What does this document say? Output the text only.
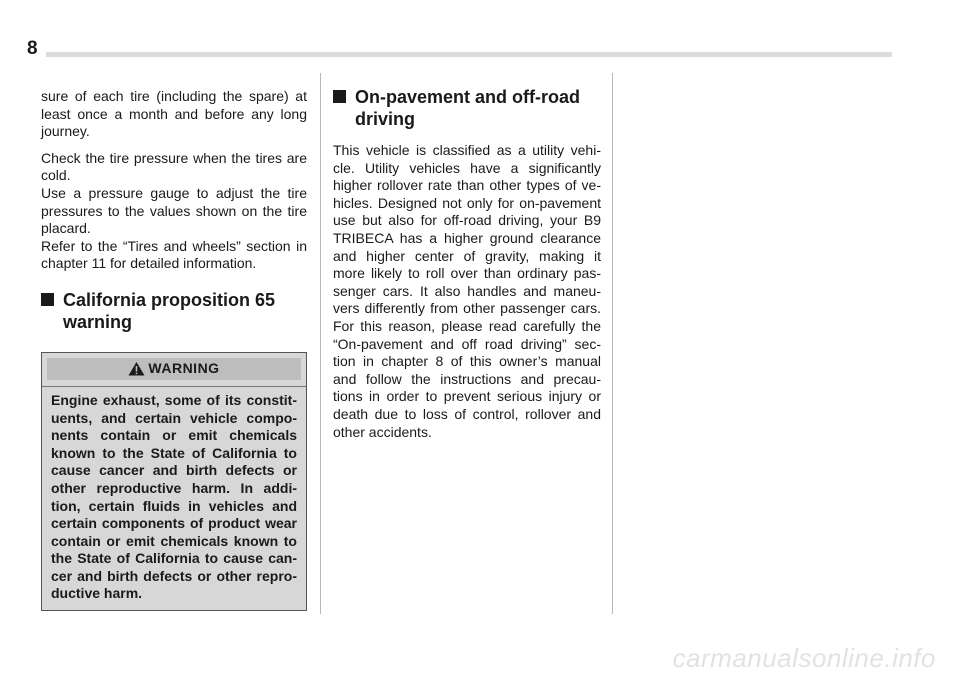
8

sure of each tire (including the spare) at least once a month and before any long journey.

Check the tire pressure when the tires are cold.

Use a pressure gauge to adjust the tire pressures to the values shown on the tire placard.

Refer to the “Tires and wheels” section in chapter 11 for detailed information.

California proposition 65 warning
WARNING

Engine exhaust, some of its constit-uents, and certain vehicle compo-nents contain or emit chemicals known to the State of California to cause cancer and birth defects or other reproductive harm. In addi-tion, certain fluids in vehicles and certain components of product wear contain or emit chemicals known to the State of California to cause can-cer and birth defects or other repro-ductive harm.

On-pavement and off-road driving

This vehicle is classified as a utility vehi-cle. Utility vehicles have a significantly higher rollover rate than other types of ve-hicles. Designed not only for on-pavement use but also for off-road driving, your B9 TRIBECA has a higher ground clearance and higher center of gravity, making it more likely to roll over than ordinary pas-senger cars. It also handles and maneu-vers differently from other passenger cars. For this reason, please read carefully the “On-pavement and off road driving” sec-tion in chapter 8 of this owner’s manual and follow the instructions and precau-tions in order to prevent serious injury or death due to loss of control, rollover and other accidents.

carmanualsonline.info
